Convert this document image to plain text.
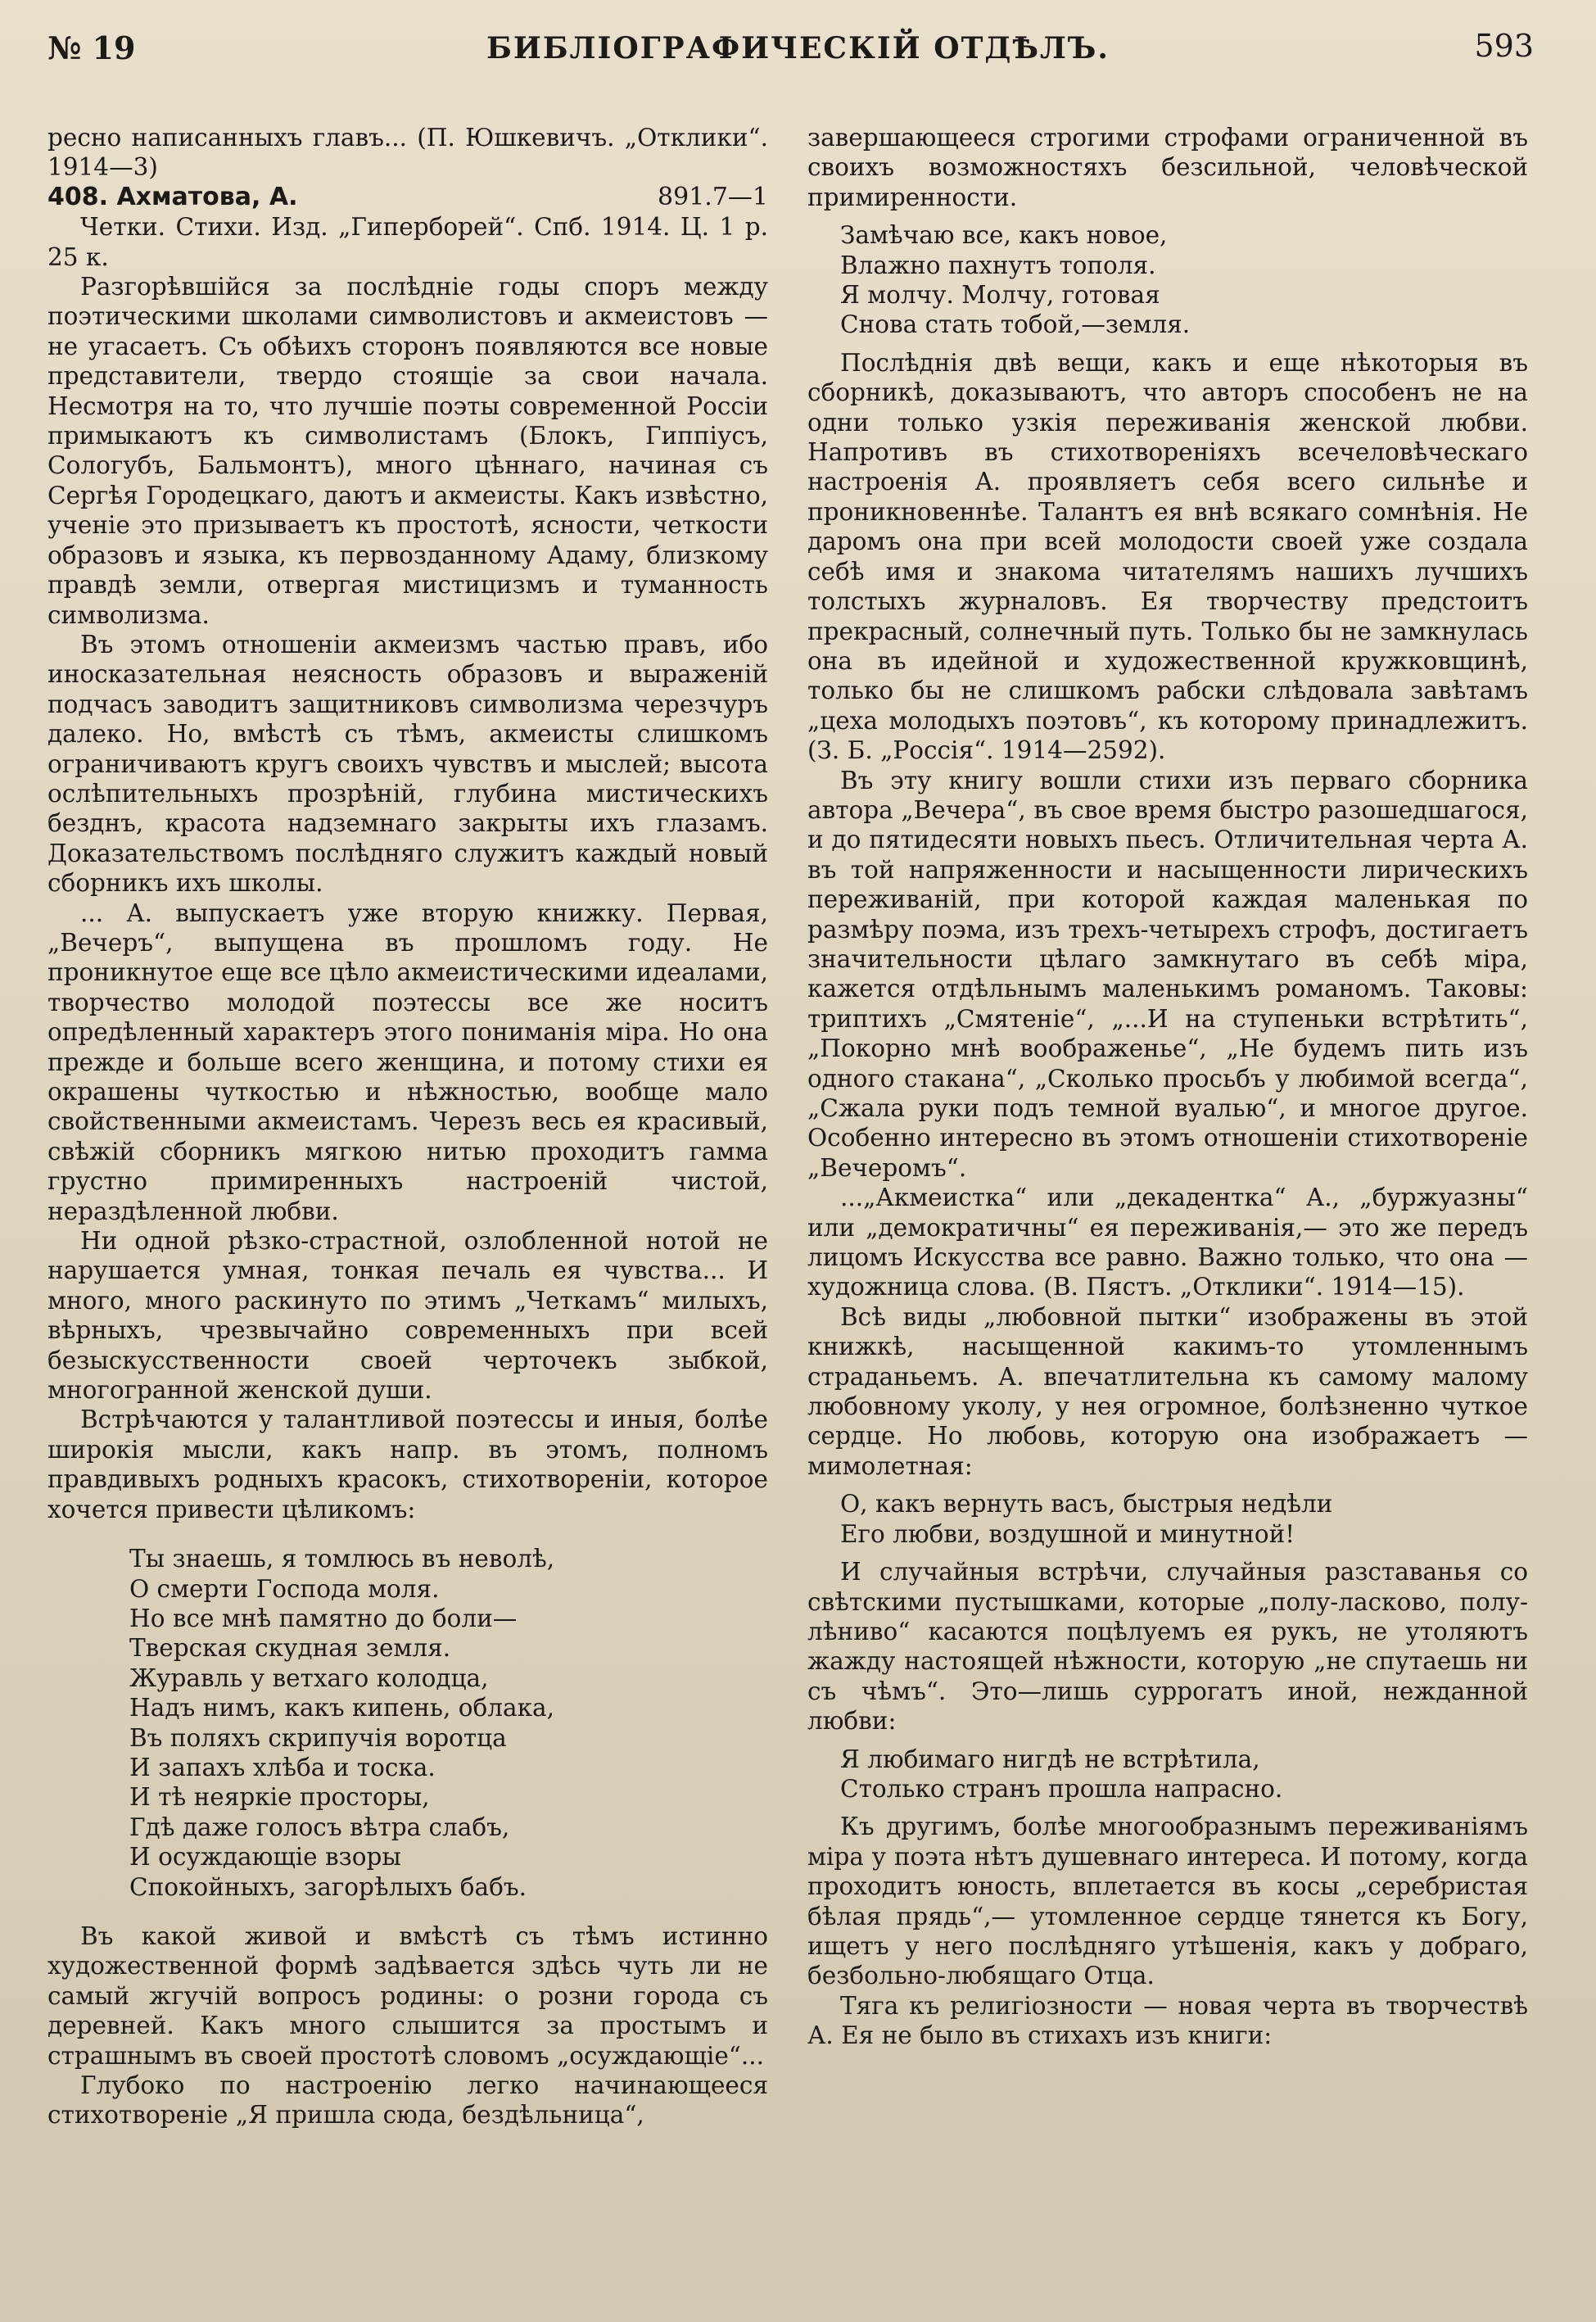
№ 19	БИБЛІОГРАФИЧЕСКІЙ ОТДѢЛЪ.	593

ресно написанныхъ главъ... (П. Юшкевичъ. „Отклики“. 1914—3)

408. Ахматова, А.	891.7—1

Четки. Стихи. Изд. „Гиперборей“. Спб. 1914. Ц. 1 р. 25 к.

Разгорѣвшійся за послѣдніе годы споръ между поэтическими школами символистовъ и акмеистовъ — не угасаетъ. Съ обѣихъ сторонъ появляются все новые представители, твердо стоящіе за свои начала. Несмотря на то, что лучшіе поэты современной Россіи примыкаютъ къ символистамъ (Блокъ, Гиппіусъ, Сологубъ, Бальмонтъ), много цѣннаго, начиная съ Сергѣя Городецкаго, даютъ и акмеисты. Какъ извѣстно, ученіе это призываетъ къ простотѣ, ясности, четкости образовъ и языка, къ первозданному Адаму, близкому правдѣ земли, отвергая мистицизмъ и туманность символизма.

Въ этомъ отношеніи акмеизмъ частью правъ, ибо иносказательная неясность образовъ и выраженій подчасъ заводитъ защитниковъ символизма черезчуръ далеко. Но, вмѣстѣ съ тѣмъ, акмеисты слишкомъ ограничиваютъ кругъ своихъ чувствъ и мыслей; высота ослѣпительныхъ прозрѣній, глубина мистическихъ безднъ, красота надземнаго закрыты ихъ глазамъ. Доказательствомъ послѣдняго служитъ каждый новый сборникъ ихъ школы.

... А. выпускаетъ уже вторую книжку. Первая, „Вечеръ“, выпущена въ прошломъ году. Не проникнутое еще все цѣло акмеистическими идеалами, творчество молодой поэтессы все же носитъ опредѣленный характеръ этого пониманія міра. Но она прежде и больше всего женщина, и потому стихи ея окрашены чуткостью и нѣжностью, вообще мало свойственными акмеистамъ. Черезъ весь ея красивый, свѣжій сборникъ мягкою нитью проходитъ гамма грустно примиренныхъ настроеній чистой, нераздѣленной любви.

Ни одной рѣзко-страстной, озлобленной нотой не нарушается умная, тонкая печаль ея чувства... И много, много раскинуто по этимъ „Четкамъ“ милыхъ, вѣрныхъ, чрезвычайно современныхъ при всей безыскусственности своей черточекъ зыбкой, многогранной женской души.

Встрѣчаются у талантливой поэтессы и иныя, болѣе широкія мысли, какъ напр. въ этомъ, полномъ правдивыхъ родныхъ красокъ, стихотвореніи, которое хочется привести цѣликомъ:

Ты знаешь, я томлюсь въ неволѣ,
О смерти Господа моля.
Но все мнѣ памятно до боли—
Тверская скудная земля.
Журавль у ветхаго колодца,
Надъ нимъ, какъ кипень, облака,
Въ поляхъ скрипучія воротца
И запахъ хлѣба и тоска.
И тѣ неяркіе просторы,
Гдѣ даже голосъ вѣтра слабъ,
И осуждающіе взоры
Спокойныхъ, загорѣлыхъ бабъ.

Въ какой живой и вмѣстѣ съ тѣмъ истинно художественной формѣ задѣвается здѣсь чуть ли не самый жгучій вопросъ родины: о розни города съ деревней. Какъ много слышится за простымъ и страшнымъ въ своей простотѣ словомъ „осуждающіе“...

Глубоко по настроенію легко начинающееся стихотвореніе „Я пришла сюда, бездѣльница“,

завершающееся строгими строфами ограниченной въ своихъ возможностяхъ безсильной, человѣческой примиренности.

Замѣчаю все, какъ новое,
Влажно пахнутъ тополя.
Я молчу. Молчу, готовая
Снова стать тобой,—земля.

Послѣднія двѣ вещи, какъ и еще нѣкоторыя въ сборникѣ, доказываютъ, что авторъ способенъ не на одни только узкія переживанія женской любви. Напротивъ въ стихотвореніяхъ всечеловѣческаго настроенія А. проявляетъ себя всего сильнѣе и проникновеннѣе. Талантъ ея внѣ всякаго сомнѣнія. Не даромъ она при всей молодости своей уже создала себѣ имя и знакома читателямъ нашихъ лучшихъ толстыхъ журналовъ. Ея творчеству предстоитъ прекрасный, солнечный путь. Только бы не замкнулась она въ идейной и художественной кружковщинѣ, только бы не слишкомъ рабски слѣдовала завѣтамъ „цеха молодыхъ поэтовъ“, къ которому принадлежитъ. (З. Б. „Россія“. 1914—2592).

Въ эту книгу вошли стихи изъ перваго сборника автора „Вечера“, въ свое время быстро разошедшагося, и до пятидесяти новыхъ пьесъ. Отличительная черта А. въ той напряженности и насыщенности лирическихъ переживаній, при которой каждая маленькая по размѣру поэма, изъ трехъ-четырехъ строфъ, достигаетъ значительности цѣлаго замкнутаго въ себѣ міра, кажется отдѣльнымъ маленькимъ романомъ. Таковы: триптихъ „Смятеніе“, „...И на ступеньки встрѣтить“, „Покорно мнѣ воображенье“, „Не будемъ пить изъ одного стакана“, „Сколько просьбъ у любимой всегда“, „Сжала руки подъ темной вуалью“, и многое другое. Особенно интересно въ этомъ отношеніи стихотвореніе „Вечеромъ“.

...„Акмеистка“ или „декадентка“ А., „буржуазны“ или „демократичны“ ея переживанія,— это же передъ лицомъ Искусства все равно. Важно только, что она — художница слова. (В. Пястъ. „Отклики“. 1914—15).

Всѣ виды „любовной пытки“ изображены въ этой книжкѣ, насыщенной какимъ-то утомленнымъ страданьемъ. А. впечатлительна къ самому малому любовному уколу, у нея огромное, болѣзненно чуткое сердце. Но любовь, которую она изображаетъ — мимолетная:

О, какъ вернуть васъ, быстрыя недѣли
Его любви, воздушной и минутной!

И случайныя встрѣчи, случайныя разставанья со свѣтскими пустышками, которые „полу-ласково, полу-лѣниво“ касаются поцѣлуемъ ея рукъ, не утоляютъ жажду настоящей нѣжности, которую „не спутаешь ни съ чѣмъ“. Это—лишь суррогатъ иной, нежданной любви:

Я любимаго нигдѣ не встрѣтила,
Столько странъ прошла напрасно.

Къ другимъ, болѣе многообразнымъ переживаніямъ міра у поэта нѣтъ душевнаго интереса. И потому, когда проходитъ юность, вплетается въ косы „серебристая бѣлая прядь“,— утомленное сердце тянется къ Богу, ищетъ у него послѣдняго утѣшенія, какъ у добраго, безбольно-любящаго Отца.

Тяга къ религіозности — новая черта въ творчествѣ А. Ея не было въ стихахъ изъ книги:
